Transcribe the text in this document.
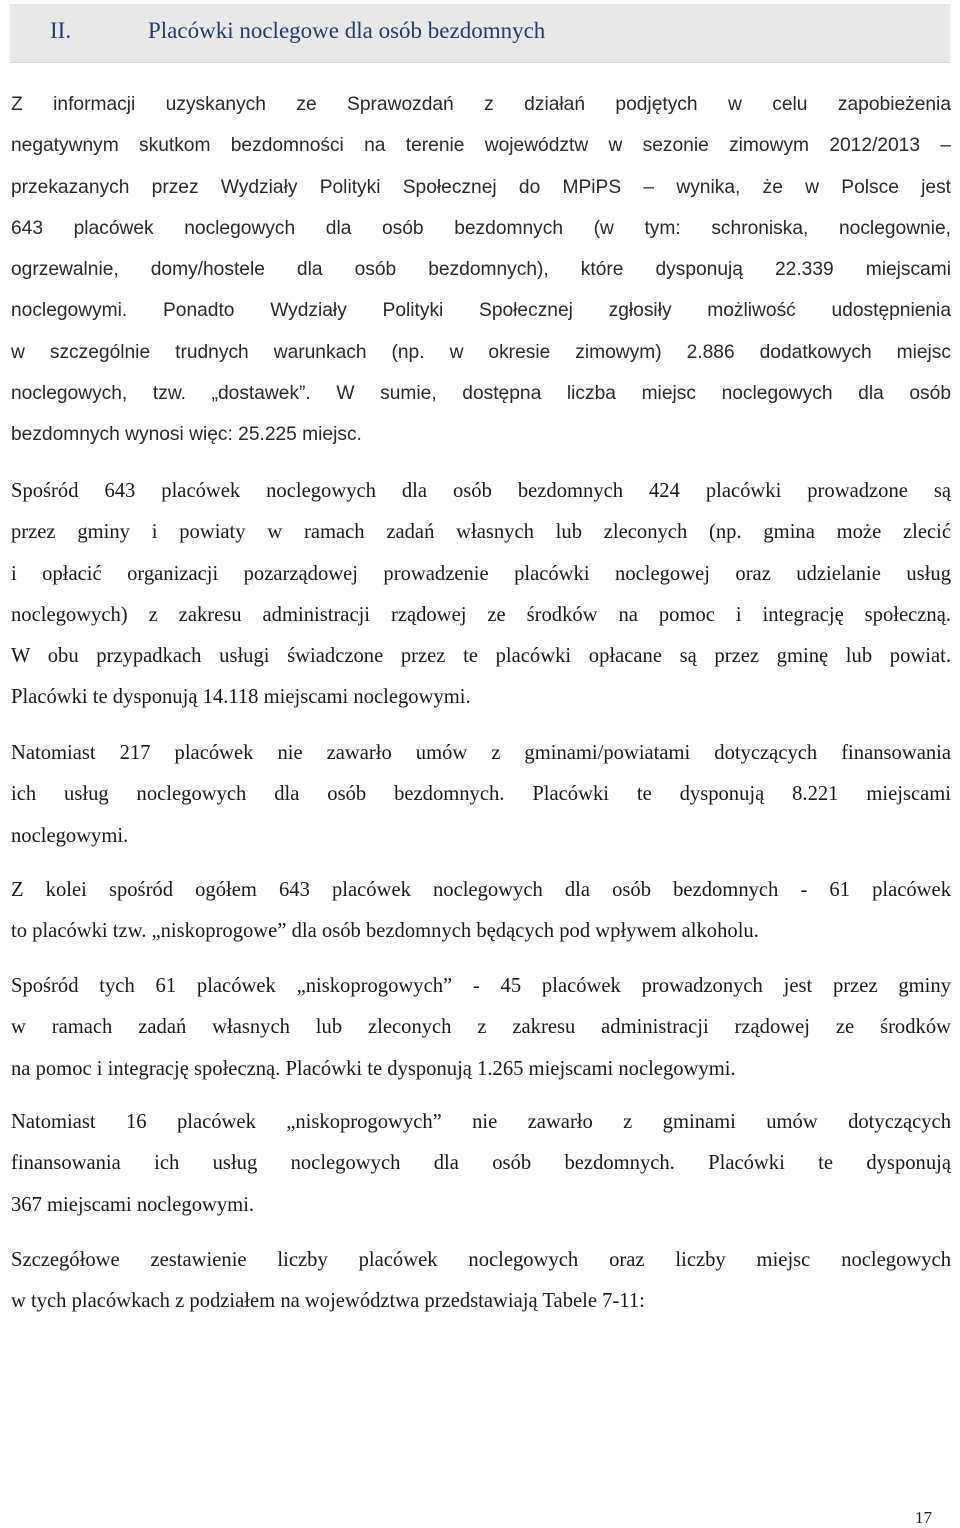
II.	Placówki noclegowe dla osób bezdomnych
Z informacji uzyskanych ze Sprawozdań z działań podjętych w celu zapobieżenia
negatywnym skutkom bezdomności na terenie województw w sezonie zimowym 2012/2013 –
przekazanych przez Wydziały Polityki Społecznej do MPiPS – wynika, że w Polsce jest
643 placówek noclegowych dla osób bezdomnych (w tym: schroniska, noclegownie,
ogrzewalnie, domy/hostele dla osób bezdomnych), które dysponują 22.339 miejscami
noclegowymi. Ponadto Wydziały Polityki Społecznej zgłosiły możliwość udostępnienia
w szczególnie trudnych warunkach (np. w okresie zimowym) 2.886 dodatkowych miejsc
noclegowych, tzw. „dostawek”. W sumie, dostępna liczba miejsc noclegowych dla osób
bezdomnych wynosi więc: 25.225 miejsc.
Spośród 643 placówek noclegowych dla osób bezdomnych 424 placówki prowadzone są
przez gminy i powiaty w ramach zadań własnych lub zleconych (np. gmina może zlecić
i opłacić organizacji pozarządowej prowadzenie placówki noclegowej oraz udzielanie usług
noclegowych) z zakresu administracji rządowej ze środków na pomoc i integrację społeczną.
W obu przypadkach usługi świadczone przez te placówki opłacane są przez gminę lub powiat.
Placówki te dysponują 14.118 miejscami noclegowymi.
Natomiast 217 placówek nie zawarło umów z gminami/powiatami dotyczących finansowania
ich usług noclegowych dla osób bezdomnych. Placówki te dysponują 8.221 miejscami
noclegowymi.
Z kolei spośród ogółem 643 placówek noclegowych dla osób bezdomnych - 61 placówek
to placówki tzw. „niskoprogowe” dla osób bezdomnych będących pod wpływem alkoholu.
Spośród tych 61 placówek „niskoprogowych” - 45 placówek prowadzonych jest przez gminy
w ramach zadań własnych lub zleconych z zakresu administracji rządowej ze środków
na pomoc i integrację społeczną. Placówki te dysponują 1.265 miejscami noclegowymi.
Natomiast 16 placówek „niskoprogowych” nie zawarło z gminami umów dotyczących
finansowania ich usług noclegowych dla osób bezdomnych. Placówki te dysponują
367 miejscami noclegowymi.
Szczegółowe zestawienie liczby placówek noclegowych oraz liczby miejsc noclegowych
w tych placówkach z podziałem na województwa przedstawiają Tabele 7-11:
17
